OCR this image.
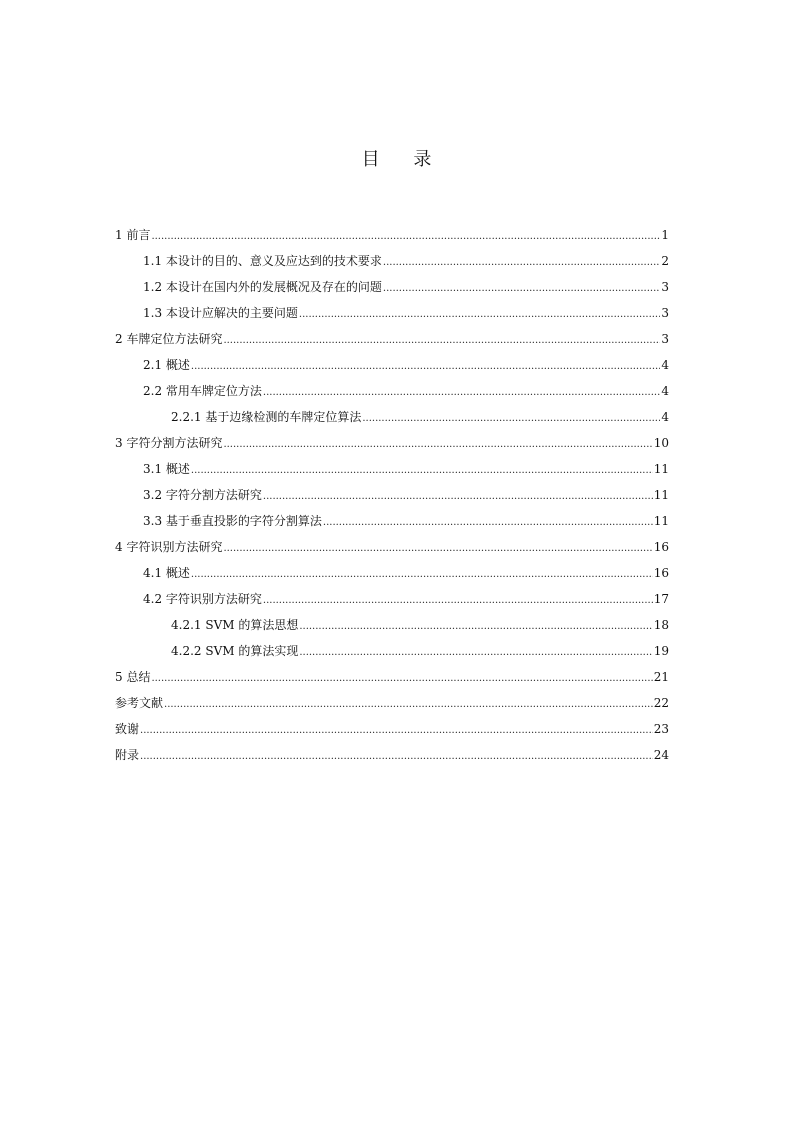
目 录
1 前言 .....	1
1.1 本设计的目的、意义及应达到的技术要求 .....	2
1.2 本设计在国内外的发展概况及存在的问题 .....	3
1.3 本设计应解决的主要问题 .....	3
2 车牌定位方法研究 .....	3
2.1 概述 .....	4
2.2 常用车牌定位方法 .....	4
2.2.1 基于边缘检测的车牌定位算法 .....	4
3 字符分割方法研究 .....	10
3.1 概述 .....	11
3.2 字符分割方法研究 .....	11
3.3 基于垂直投影的字符分割算法 .....	11
4 字符识别方法研究 .....	16
4.1 概述 .....	16
4.2 字符识别方法研究 .....	17
4.2.1 SVM 的算法思想 .....	18
4.2.2 SVM 的算法实现 .....	19
5 总结 .....	21
参考文献 .....	22
致谢 .....	23
附录 .....	24
